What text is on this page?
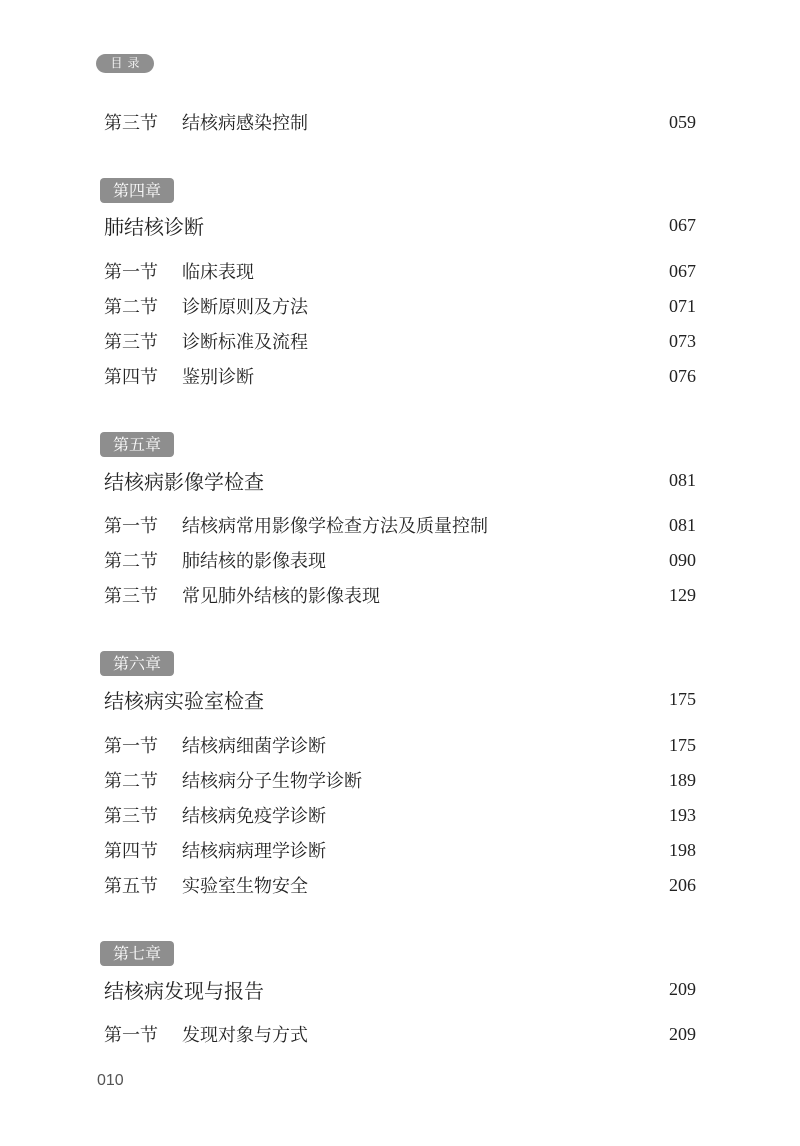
目录
第三节	结核病感染控制	059
第四章
肺结核诊断	067
第一节	临床表现	067
第二节	诊断原则及方法	071
第三节	诊断标准及流程	073
第四节	鉴别诊断	076
第五章
结核病影像学检查	081
第一节	结核病常用影像学检查方法及质量控制	081
第二节	肺结核的影像表现	090
第三节	常见肺外结核的影像表现	129
第六章
结核病实验室检查	175
第一节	结核病细菌学诊断	175
第二节	结核病分子生物学诊断	189
第三节	结核病免疫学诊断	193
第四节	结核病病理学诊断	198
第五节	实验室生物安全	206
第七章
结核病发现与报告	209
第一节	发现对象与方式	209
010
